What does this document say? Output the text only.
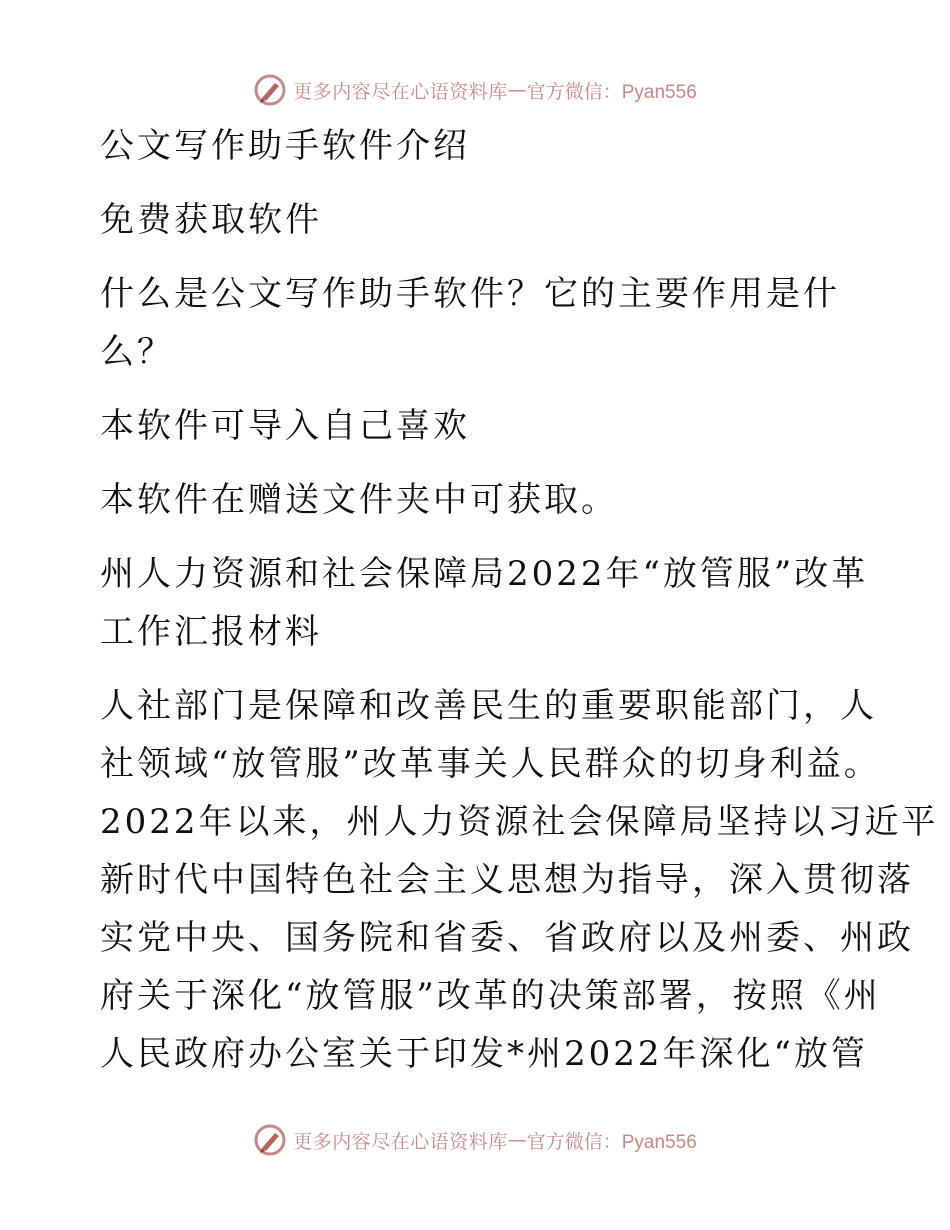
更多内容尽在心语资料库 — 官方微信：Pyan556
公文写作助手软件介绍
免费获取软件
什么是公文写作助手软件？它的主要作用是什
么？
本软件可导入自己喜欢
本软件在赠送文件夹中可获取。
州人力资源和社会保障局2022年“放管服”改革
工作汇报材料
人社部门是保障和改善民生的重要职能部门，人
社领域“放管服”改革事关人民群众的切身利益。
2022年以来，州人力资源社会保障局坚持以习近平
新时代中国特色社会主义思想为指导，深入贯彻落
实党中央、国务院和省委、省政府以及州委、州政
府关于深化“放管服”改革的决策部署，按照《州
人民政府办公室关于印发*州2022年深化“放管
更多内容尽在心语资料库 — 官方微信：Pyan556
